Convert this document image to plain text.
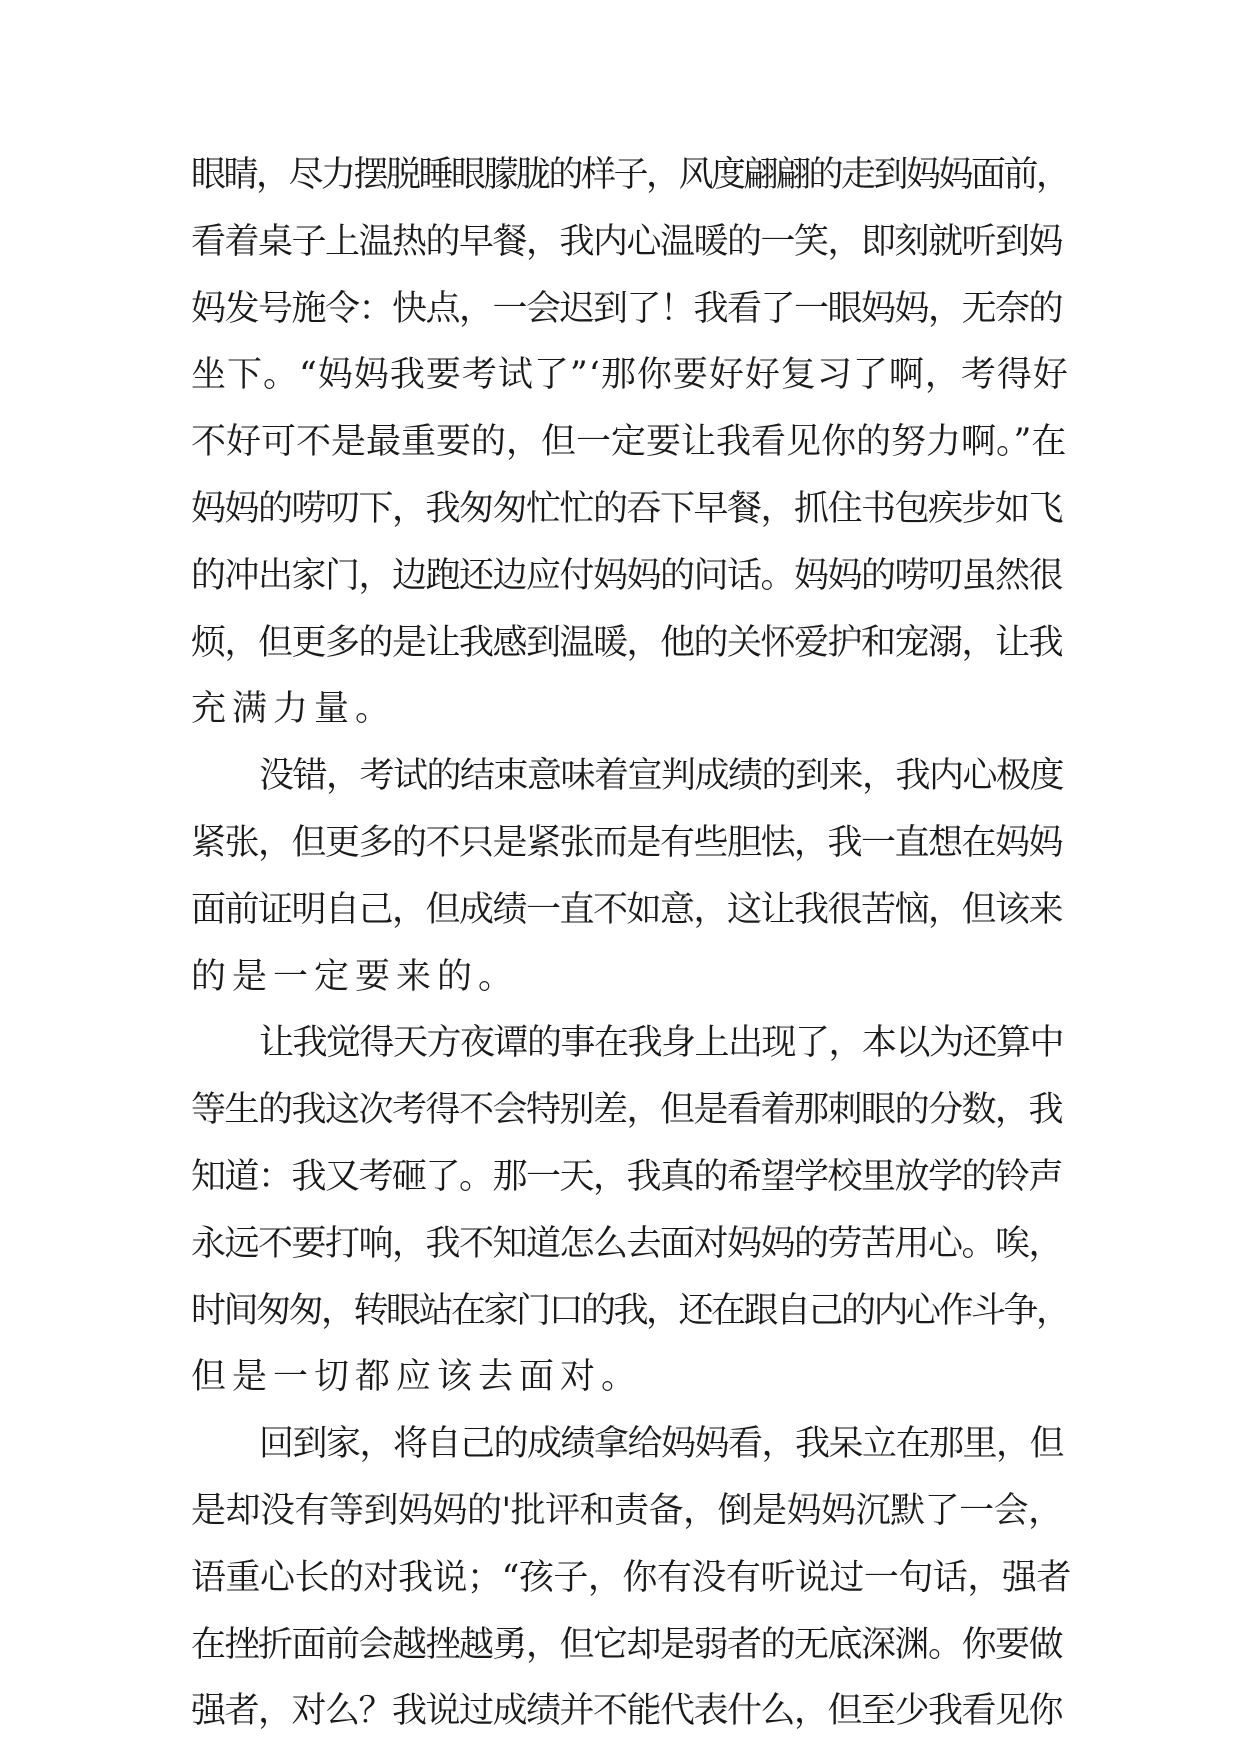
眼睛，尽力摆脱睡眼朦胧的样子，风度翩翩的走到妈妈面前，
看着桌子上温热的早餐，我内心温暖的一笑，即刻就听到妈
妈发号施令：快点，一会迟到了！我看了一眼妈妈，无奈的
坐下。“妈妈我要考试了”‘那你要好好复习了啊，考得好
不好可不是最重要的，但一定要让我看见你的努力啊。”在
妈妈的唠叨下，我匆匆忙忙的吞下早餐，抓住书包疾步如飞
的冲出家门，边跑还边应付妈妈的问话。妈妈的唠叨虽然很
烦，但更多的是让我感到温暖，他的关怀爱护和宠溺，让我
充满力量。
没错，考试的结束意味着宣判成绩的到来，我内心极度
紧张，但更多的不只是紧张而是有些胆怯，我一直想在妈妈
面前证明自己，但成绩一直不如意，这让我很苦恼，但该来
的是一定要来的。
让我觉得天方夜谭的事在我身上出现了，本以为还算中
等生的我这次考得不会特别差，但是看着那刺眼的分数，我
知道：我又考砸了。那一天，我真的希望学校里放学的铃声
永远不要打响，我不知道怎么去面对妈妈的劳苦用心。唉，
时间匆匆，转眼站在家门口的我，还在跟自己的内心作斗争，
但是一切都应该去面对。
回到家，将自己的成绩拿给妈妈看，我呆立在那里，但
是却没有等到妈妈的'批评和责备，倒是妈妈沉默了一会，
语重心长的对我说；“孩子，你有没有听说过一句话，强者
在挫折面前会越挫越勇，但它却是弱者的无底深渊。你要做
强者，对么？我说过成绩并不能代表什么，但至少我看见你
